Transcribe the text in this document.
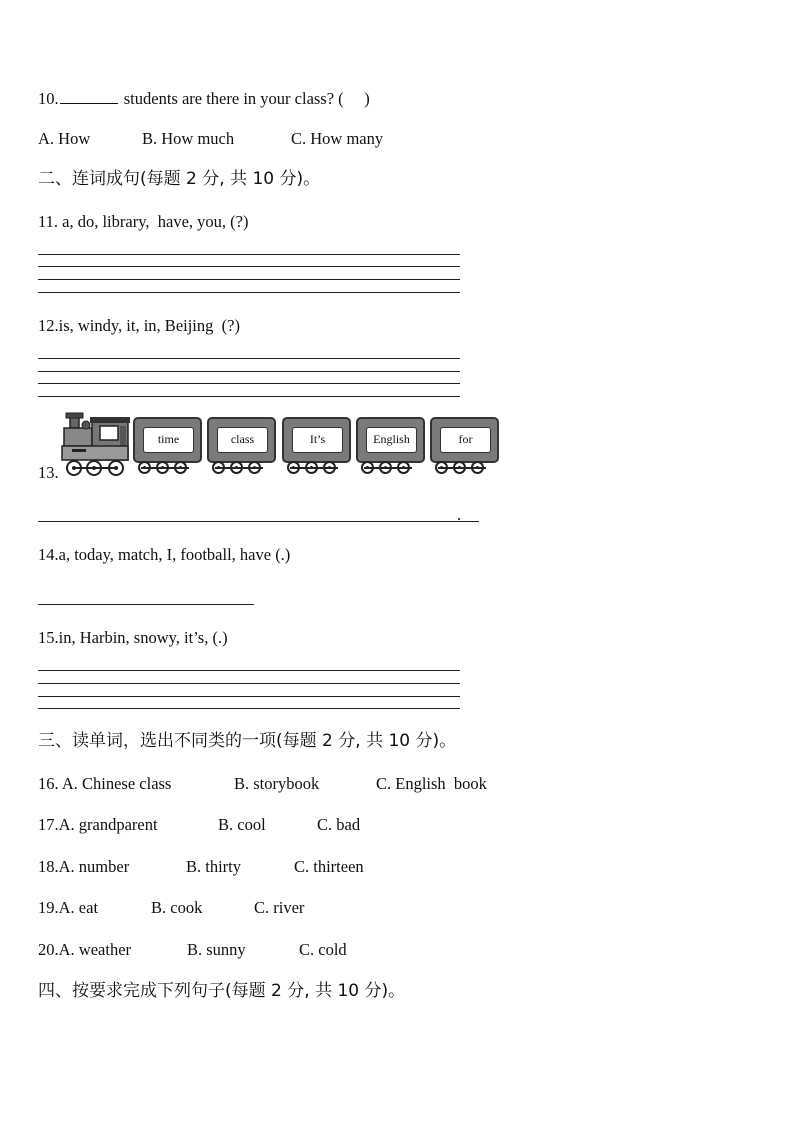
10.	students are there in your class? (     )
A. How	B. How much	C. How many
二、连词成句(每题 2 分, 共 10 分)。
11. a, do, library,  have, you, (?)
12.is, windy, it, in, Beijing  (?)
13.
time	class	It’s	English	for
.
14.a, today, match, I, football, have (.)
15.in, Harbin, snowy, it’s, (.)
三、读单词，选出不同类的一项(每题 2 分, 共 10 分)。
16. A. Chinese class	B. storybook	C. English  book
17.A. grandparent	B. cool	C. bad
18.A. number	B. thirty	C. thirteen
19.A. eat	B. cook	C. river
20.A. weather	B. sunny	C. cold
四、按要求完成下列句子(每题 2 分, 共 10 分)。
